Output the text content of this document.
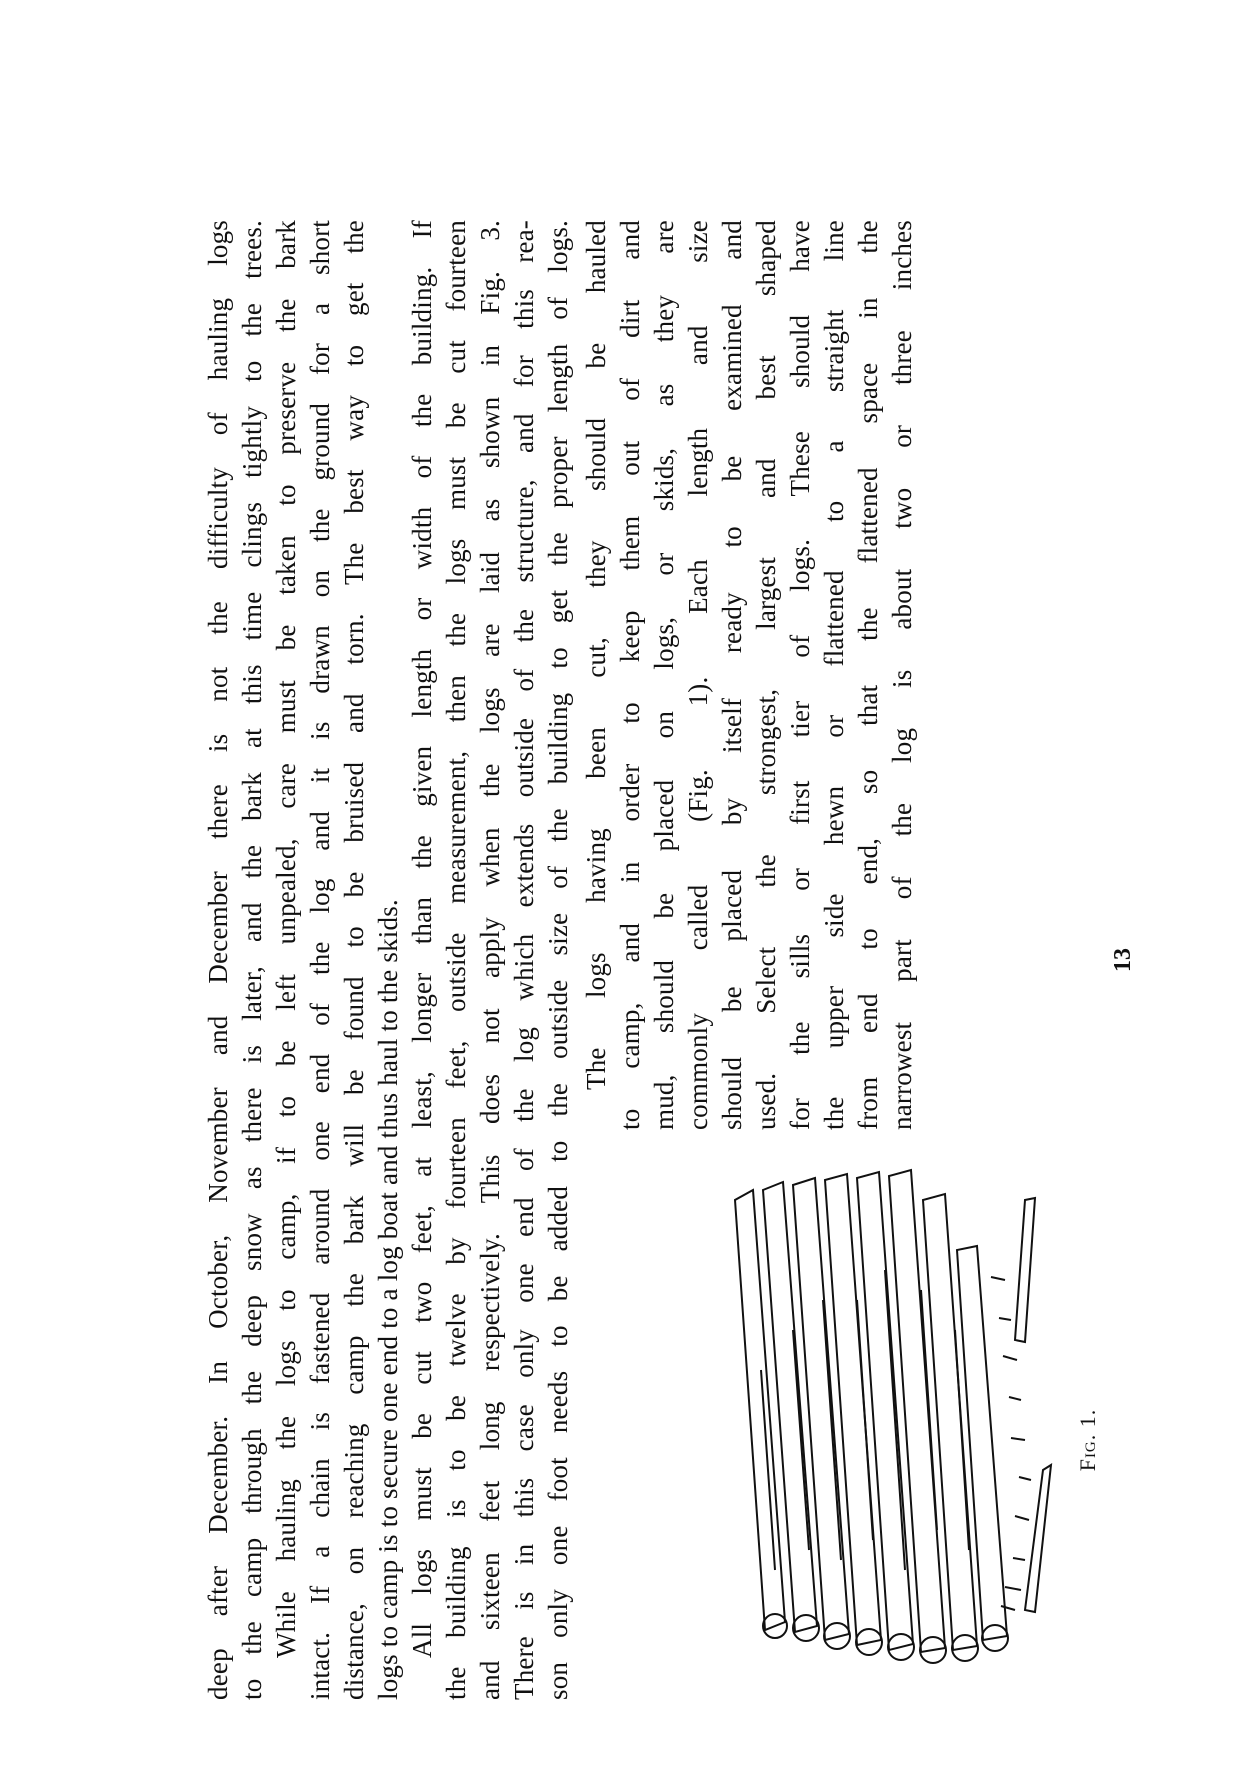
deep after December. In October, November and December there is not the difficulty of hauling logs to the camp through the deep snow as there is later, and the bark at this time clings tightly to the trees. While hauling the logs to camp, if to be left unpealed, care must be taken to preserve the bark intact. If a chain is fastened around one end of the log and it is drawn on the ground for a short distance, on reaching camp the bark will be found to be bruised and torn. The best way to get the logs to camp is to secure one end to a log boat and thus haul to the skids. All logs must be cut two feet, at least, longer than the given length or width of the building. If the building is to be twelve by fourteen feet, outside measurement, then the logs must be cut fourteen and sixteen feet long respectively. This does not apply when the logs are laid as shown in Fig. 3. There is in this case only one end of the log which extends outside of the structure, and for this rea- son only one foot needs to be added to the outside size of the building to get the proper length of logs. The logs having been cut, they should be hauled to camp, and in order to keep them out of dirt and mud, should be placed on logs, or skids, as they are commonly called (Fig. 1). Each length and size should be placed by itself ready to be examined and used. Select the strongest, largest and best shaped for the sills or first tier of logs. These should have the upper side hewn or flattened to a straight line from end to end, so that the flattened space in the narrowest part of the log is about two or three inches
Fig. 1.
13
